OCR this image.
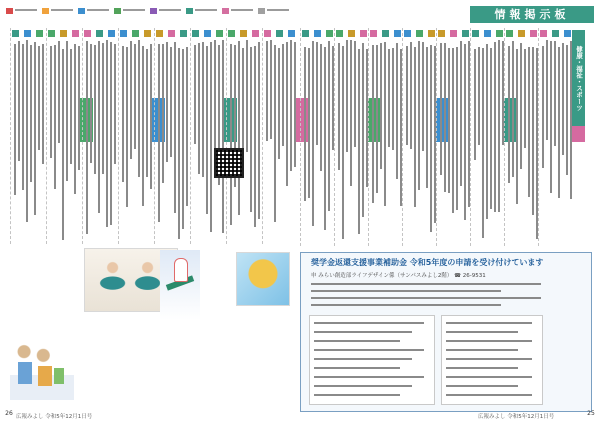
情報掲示板
健康・福祉・スポーツ
奨学金返還支援事業補助金 令和5年度の申請を受け付けています
申 みらい創造部ライフデザイン係（サンパスみよし2階） ☎ 26-9531
広報みよし 令和5年12月1日号	広報みよし 令和5年12月1日号
26	25
